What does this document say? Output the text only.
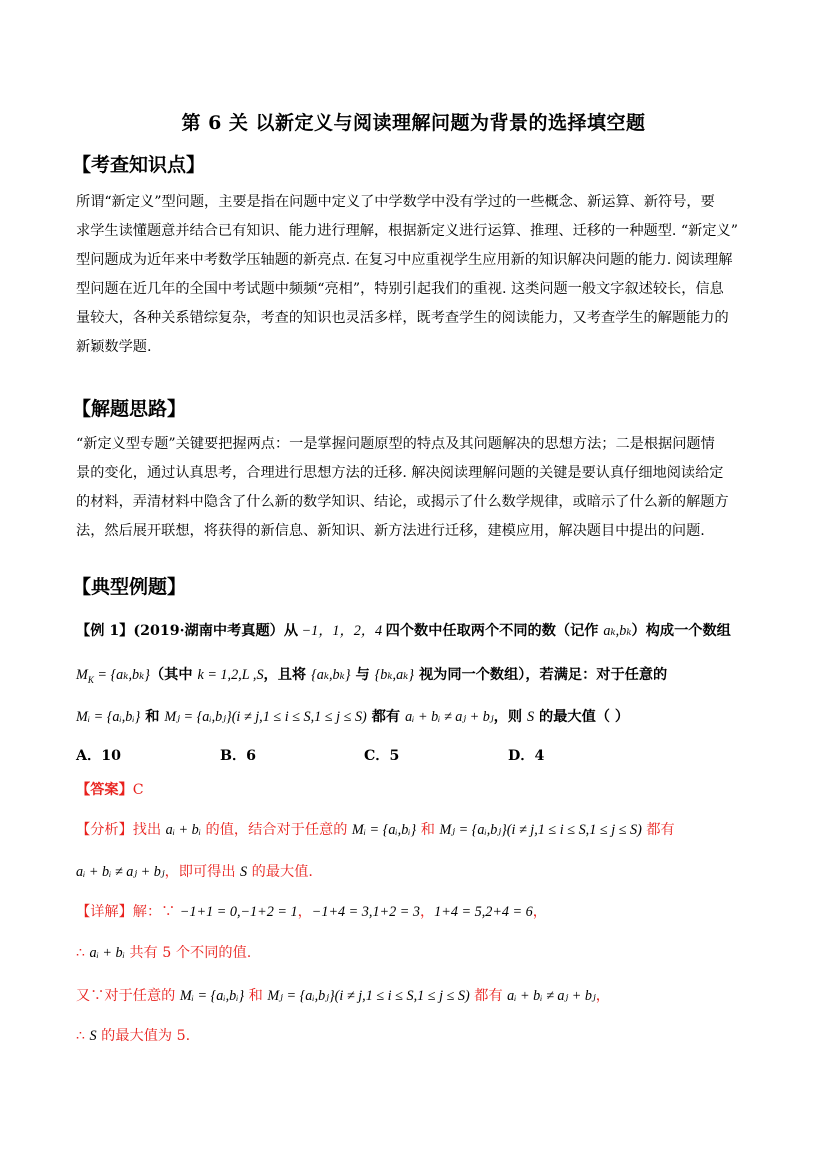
第 6 关 以新定义与阅读理解问题为背景的选择填空题
【考查知识点】
所谓“新定义”型问题，主要是指在问题中定义了中学数学中没有学过的一些概念、新运算、新符号，要
求学生读懂题意并结合已有知识、能力进行理解，根据新定义进行运算、推理、迁移的一种题型. “新定义”
型问题成为近年来中考数学压轴题的新亮点. 在复习中应重视学生应用新的知识解决问题的能力. 阅读理解
型问题在近几年的全国中考试题中频频“亮相”，特别引起我们的重视. 这类问题一般文字叙述较长，信息
量较大，各种关系错综复杂，考查的知识也灵活多样，既考查学生的阅读能力，又考查学生的解题能力的
新颖数学题.
【解题思路】
“新定义型专题”关键要把握两点：一是掌握问题原型的特点及其问题解决的思想方法；二是根据问题情
景的变化，通过认真思考，合理进行思想方法的迁移. 解决阅读理解问题的关键是要认真仔细地阅读给定
的材料，弄清材料中隐含了什么新的数学知识、结论，或揭示了什么数学规律，或暗示了什么新的解题方
法，然后展开联想，将获得的新信息、新知识、新方法进行迁移，建模应用，解决题目中提出的问题.
【典型例题】
【例 1】(2019·湖南中考真题）从 −1，1，2，4 四个数中任取两个不同的数（记作 aₖ,bₖ）构成一个数组
$M_K = \{a_k,b_k\}$（其中 k = 1,2,L ,S，且将 {aₖ,bₖ} 与 {bₖ,aₖ} 视为同一个数组），若满足：对于任意的
Mᵢ = {aᵢ,bᵢ} 和 Mⱼ = {aᵢ,bⱼ}(i ≠ j,1 ≤ i ≤ S,1 ≤ j ≤ S) 都有 aᵢ + bᵢ ≠ aⱼ + bⱼ，则 S 的最大值（ ）
A．10	B．6	C．5	D．4
【答案】C
【分析】找出 aᵢ + bᵢ 的值，结合对于任意的 Mᵢ = {aᵢ,bᵢ} 和 Mⱼ = {aᵢ,bⱼ}(i ≠ j,1 ≤ i ≤ S,1 ≤ j ≤ S) 都有
aᵢ + bᵢ ≠ aⱼ + bⱼ，即可得出 S 的最大值.
【详解】解：∵ −1+1 = 0,−1+2 = 1，−1+4 = 3,1+2 = 3，1+4 = 5,2+4 = 6，
∴ aᵢ + bᵢ 共有 5 个不同的值.
又∵对于任意的 Mᵢ = {aᵢ,bᵢ} 和 Mⱼ = {aᵢ,bⱼ}(i ≠ j,1 ≤ i ≤ S,1 ≤ j ≤ S) 都有 aᵢ + bᵢ ≠ aⱼ + bⱼ，
∴ S 的最大值为 5.
